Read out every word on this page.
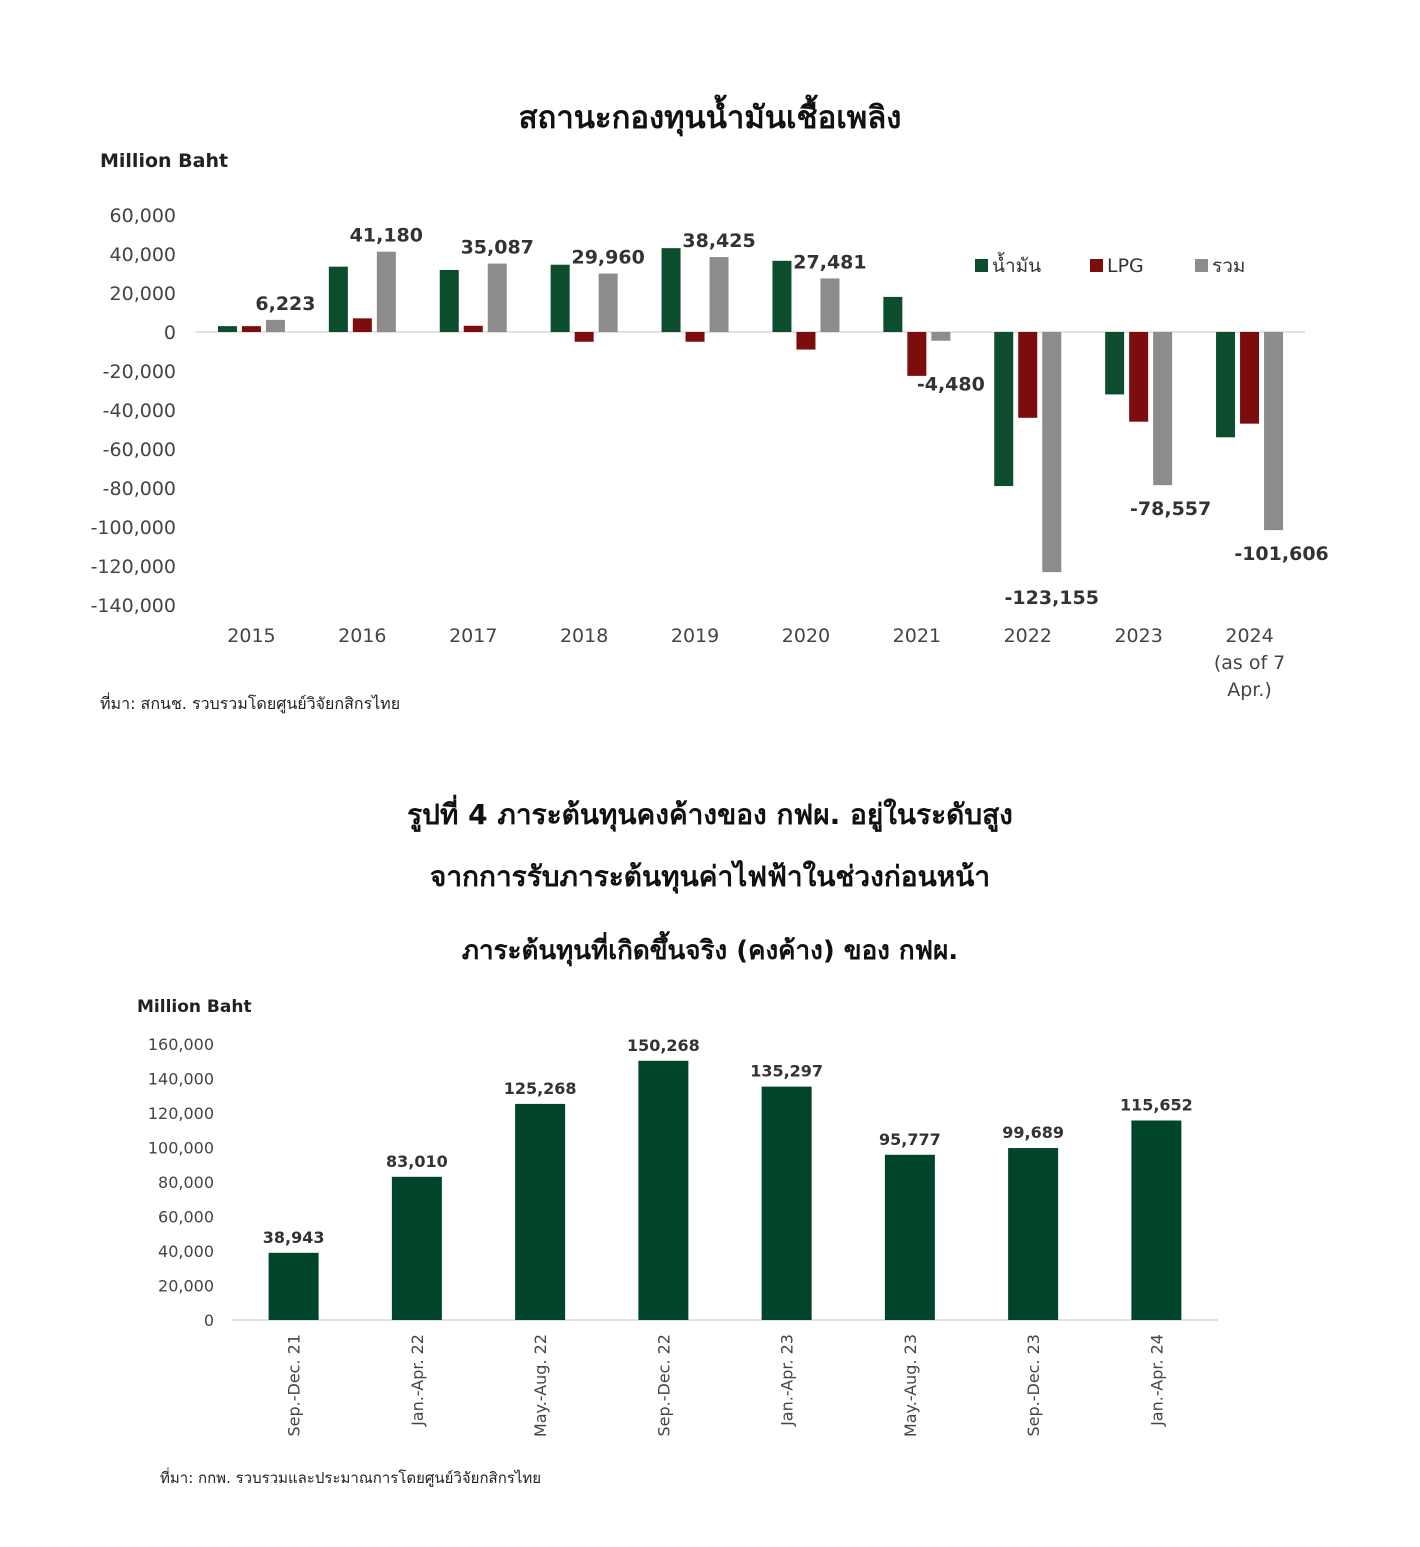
สถานะกองทุนน้ำมันเชื้อเพลิง
Million Baht
60,000
40,000
20,000
0
-20,000
-40,000
-60,000
-80,000
-100,000
-120,000
-140,000
6,223
41,180
35,087 29,960
38,425
27,481
-4,480
-123,155
-78,557
-101,606
2015	2016	2017	2018	2019	2020	2021	2022	2023	2024
(as of 7
Apr.)
น้ำมัน	LPG	รวม
ที่มา: สกนช. รวบรวมโดยศูนย์วิจัยกสิกรไทย
รูปที่ 4 ภาระต้นทุนคงค้างของ กฟผ. อยู่ในระดับสูง
จากการรับภาระต้นทุนค่าไฟฟ้าในช่วงก่อนหน้า
ภาระต้นทุนที่เกิดขึ้นจริง (คงค้าง) ของ กฟผ.
Million Baht
160,000
140,000
120,000
100,000
80,000
60,000
40,000
20,000
0
38,943
83,010
125,268
150,268
135,297
95,777	99,689
115,652
Sep.-Dec. 21	Jan.-Apr. 22	May.-Aug. 22	Sep.-Dec. 22	Jan.-Apr. 23	May.-Aug. 23	Sep.-Dec. 23	Jan.-Apr. 24
ที่มา: กกพ. รวบรวมและประมาณการโดยศูนย์วิจัยกสิกรไทย
